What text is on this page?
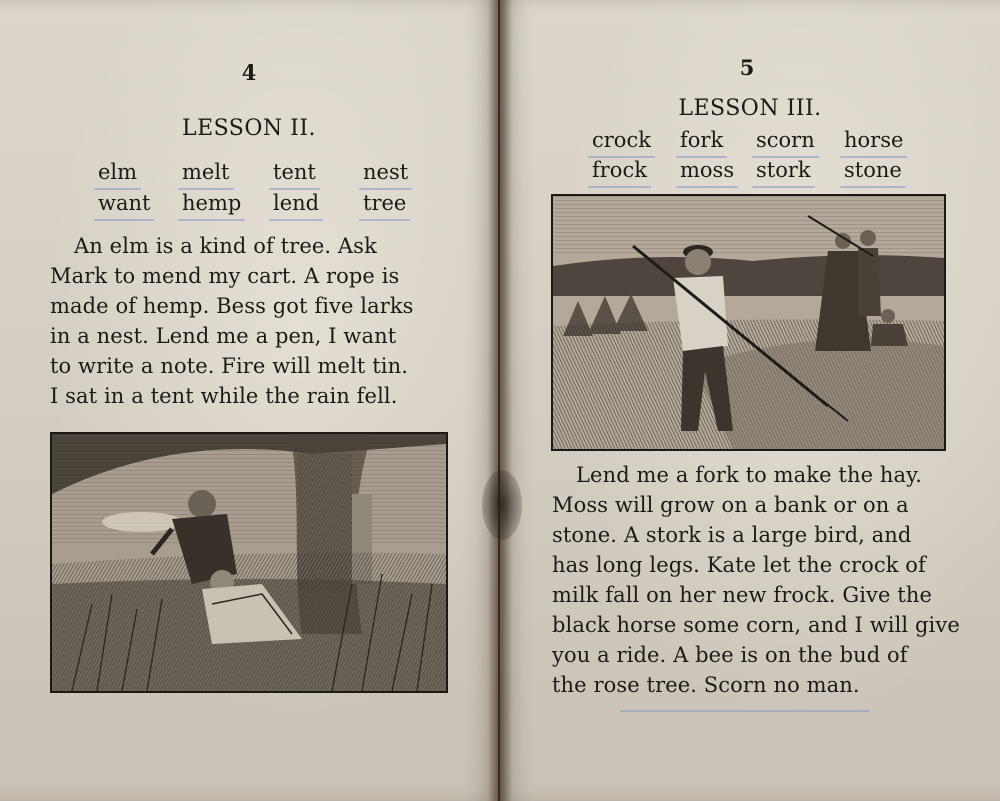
4
LESSON II.
elm melt tent nest
want hemp lend tree
An elm is a kind of tree. Ask
Mark to mend my cart. A rope is
made of hemp. Bess got five larks
in a nest. Lend me a pen, I want
to write a note. Fire will melt tin.
I sat in a tent while the rain fell.

5
LESSON III.
crock fork scorn horse
frock moss stork stone
Lend me a fork to make the hay.
Moss will grow on a bank or on a
stone. A stork is a large bird, and
has long legs. Kate let the crock of
milk fall on her new frock. Give the
black horse some corn, and I will give
you a ride. A bee is on the bud of
the rose tree. Scorn no man.
